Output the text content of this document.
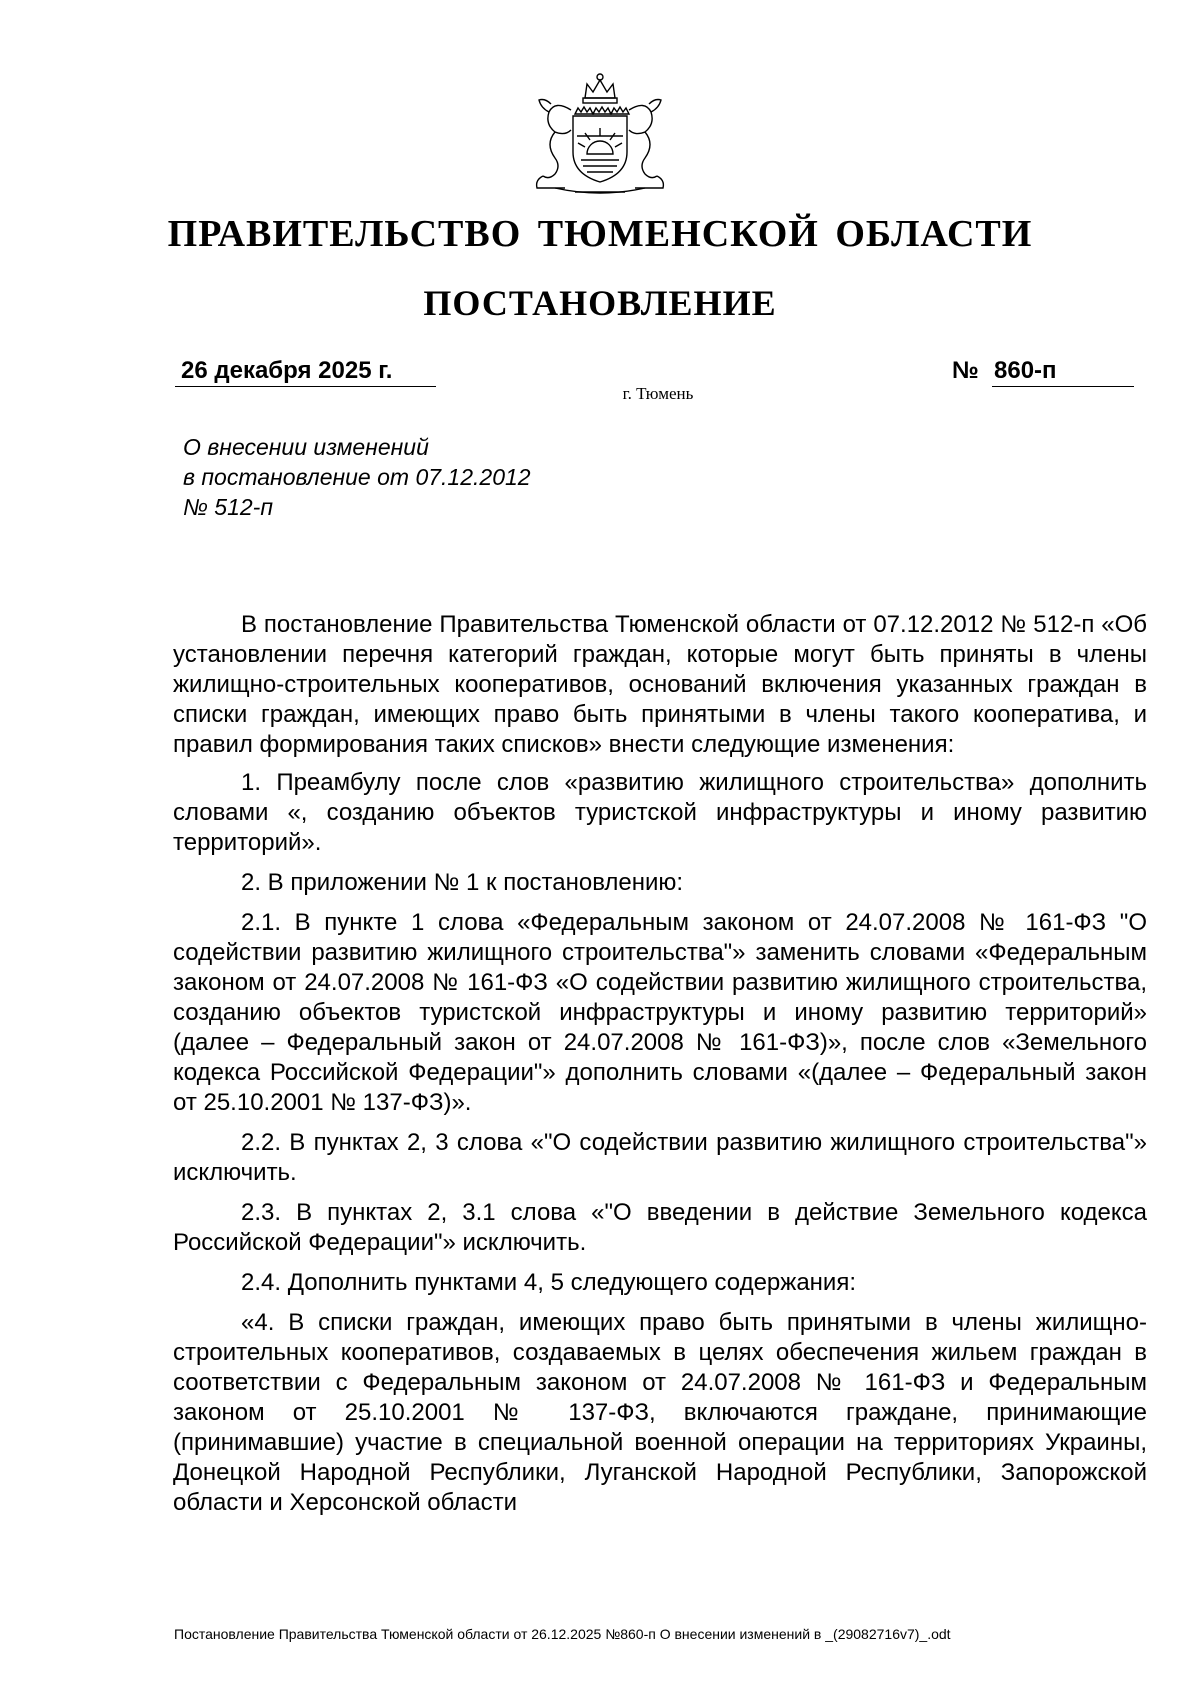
ПРАВИТЕЛЬСТВО ТЮМЕНСКОЙ ОБЛАСТИ
ПОСТАНОВЛЕНИЕ
26 декабря 2025 г.	№ 860-п
г. Тюмень
О внесении изменений
в постановление от 07.12.2012
№ 512-п

В постановление Правительства Тюменской области от 07.12.2012 № 512-п «Об установлении перечня категорий граждан, которые могут быть приняты в члены жилищно-строительных кооперативов, оснований включения указанных граждан в списки граждан, имеющих право быть принятыми в члены такого кооператива, и правил формирования таких списков» внести следующие изменения:

1. Преамбулу после слов «развитию жилищного строительства» дополнить словами «, созданию объектов туристской инфраструктуры и иному развитию территорий».

2. В приложении № 1 к постановлению:

2.1. В пункте 1 слова «Федеральным законом от 24.07.2008 № 161-ФЗ "О содействии развитию жилищного строительства"» заменить словами «Федеральным законом от 24.07.2008 № 161-ФЗ «О содействии развитию жилищного строительства, созданию объектов туристской инфраструктуры и иному развитию территорий» (далее – Федеральный закон от 24.07.2008 № 161-ФЗ)», после слов «Земельного кодекса Российской Федерации"» дополнить словами «(далее – Федеральный закон от 25.10.2001 № 137-ФЗ)».

2.2. В пунктах 2, 3 слова «"О содействии развитию жилищного строительства"» исключить.

2.3. В пунктах 2, 3.1 слова «"О введении в действие Земельного кодекса Российской Федерации"» исключить.

2.4. Дополнить пунктами 4, 5 следующего содержания:

«4. В списки граждан, имеющих право быть принятыми в члены жилищно-строительных кооперативов, создаваемых в целях обеспечения жильем граждан в соответствии с Федеральным законом от 24.07.2008 № 161-ФЗ и Федеральным законом от 25.10.2001 № 137-ФЗ, включаются граждане, принимающие (принимавшие) участие в специальной военной операции на территориях Украины, Донецкой Народной Республики, Луганской Народной Республики, Запорожской области и Херсонской области

Постановление Правительства Тюменской области от 26.12.2025 №860-п О внесении изменений в _(29082716v7)_.odt
